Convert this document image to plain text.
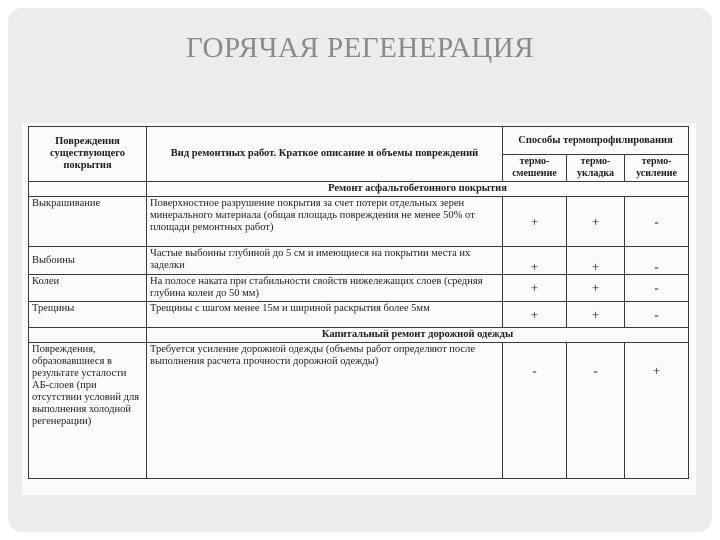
ГОРЯЧАЯ РЕГЕНЕРАЦИЯ
Повреждения существующего покрытия	Вид ремонтных работ. Краткое описание и объемы повреждений	Способы термопрофилирования		
		термо-смешение	термо-укладка	термо-усиление
	Ремонт асфальтобетонного покрытия			
Выкрашивание	Поверхностное разрушение покрытия за счет потери отдельных зерен минерального материала (общая площадь повреждения не менее 50% от площади ремонтных работ)	+	+	-
Выбоины	Частые выбоины глубиной до 5 см и имеющиеся на покрытии места их заделки	+	+	-
Колеи	На полосе наката при стабильности свойств нижележащих слоев (средняя глубина колеи до 50 мм)	+	+	-
Трещины	Трещины с шагом менее 15м и шириной раскрытия более 5мм	+	+	-
	Капитальный ремонт дорожной одежды			
Повреждения, образовавшиеся в результате усталости АБ-слоев (при отсутствии условий для выполнения холодной регенерации)	Требуется усиление дорожной одежды (объемы работ определяют после выполнения расчета прочности дорожной одежды)	-	-	+
